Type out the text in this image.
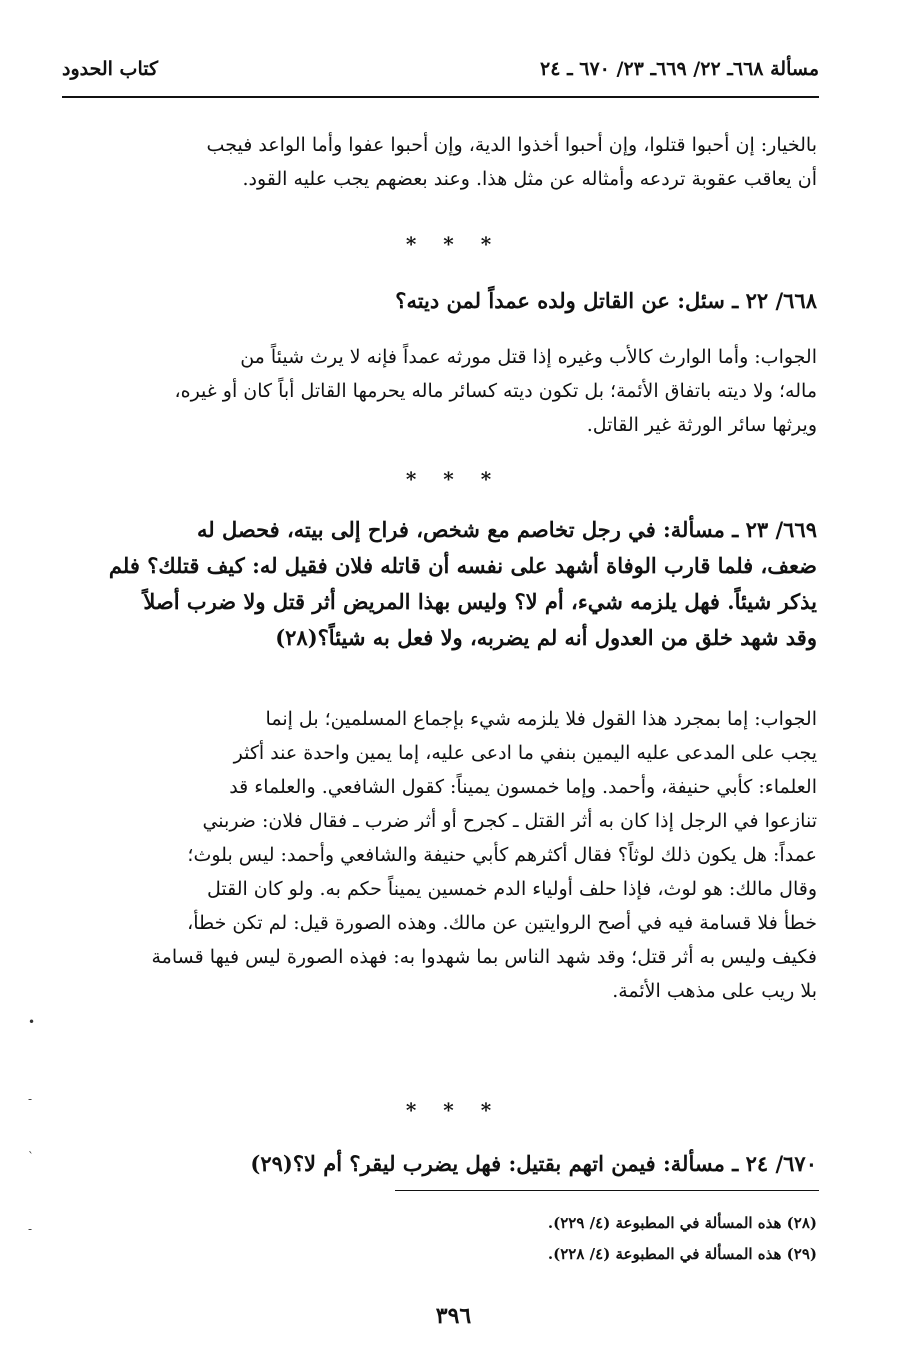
مسألة ٦٦٨ـ ٢٢/ ٦٦٩ـ ٢٣/ ٦٧٠ ـ ٢٤
كتاب الحدود
بالخيار: إن أحبوا قتلوا، وإن أحبوا أخذوا الدية، وإن أحبوا عفوا وأما الواعد فيجب
أن يعاقب عقوبة تردعه وأمثاله عن مثل هذا. وعند بعضهم يجب عليه القود.
* * *
٦٦٨/ ٢٢ ـ سئل: عن القاتل ولده عمداً لمن ديته؟
الجواب: وأما الوارث كالأب وغيره إذا قتل مورثه عمداً فإنه لا يرث شيئاً من
ماله؛ ولا ديته باتفاق الأئمة؛ بل تكون ديته كسائر ماله يحرمها القاتل أباً كان أو غيره،
ويرثها سائر الورثة غير القاتل.
* * *
٦٦٩/ ٢٣ ـ مسألة: في رجل تخاصم مع شخص، فراح إلى بيته، فحصل له
ضعف، فلما قارب الوفاة أشهد على نفسه أن قاتله فلان فقيل له: كيف قتلك؟ فلم
يذكر شيئاً. فهل يلزمه شيء، أم لا؟ وليس بهذا المريض أثر قتل ولا ضرب أصلاً
وقد شهد خلق من العدول أنه لم يضربه، ولا فعل به شيئاً؟(٢٨)
الجواب: إما بمجرد هذا القول فلا يلزمه شيء بإجماع المسلمين؛ بل إنما
يجب على المدعى عليه اليمين بنفي ما ادعى عليه، إما يمين واحدة عند أكثر
العلماء: كأبي حنيفة، وأحمد. وإما خمسون يميناً: كقول الشافعي. والعلماء قد
تنازعوا في الرجل إذا كان به أثر القتل ـ كجرح أو أثر ضرب ـ فقال فلان: ضربني
عمداً: هل يكون ذلك لوثاً؟ فقال أكثرهم كأبي حنيفة والشافعي وأحمد: ليس بلوث؛
وقال مالك: هو لوث، فإذا حلف أولياء الدم خمسين يميناً حكم به. ولو كان القتل
خطأ فلا قسامة فيه في أصح الروايتين عن مالك. وهذه الصورة قيل: لم تكن خطأ،
فكيف وليس به أثر قتل؛ وقد شهد الناس بما شهدوا به: فهذه الصورة ليس فيها قسامة
بلا ريب على مذهب الأئمة.
* * *
٦٧٠/ ٢٤ ـ مسألة: فيمن اتهم بقتيل: فهل يضرب ليقر؟ أم لا؟(٢٩)
(٢٨) هذه المسألة في المطبوعة (٤/ ٢٢٩).
(٢٩) هذه المسألة في المطبوعة (٤/ ٢٢٨).
٣٩٦
•
-
`
-
